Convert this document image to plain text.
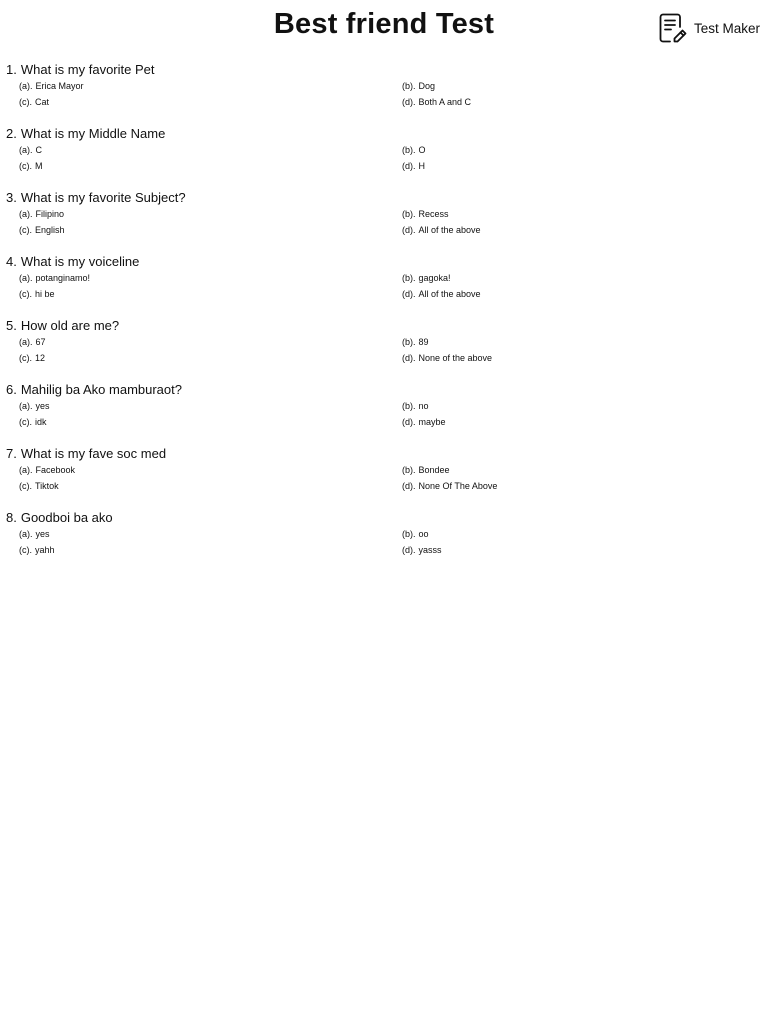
Best friend Test	Test Maker
1. What is my favorite Pet
(a). Erica Mayor	(b). Dog
(c). Cat	(d). Both A and C
2. What is my Middle Name
(a). C	(b). O
(c). M	(d). H
3. What is my favorite Subject?
(a). Filipino	(b). Recess
(c). English	(d). All of the above
4. What is my voiceline
(a). potanginamo!	(b). gagoka!
(c). hi be	(d). All of the above
5. How old are me?
(a). 67	(b). 89
(c). 12	(d). None of the above
6. Mahilig ba Ako mamburaot?
(a). yes	(b). no
(c). idk	(d). maybe
7. What is my fave soc med
(a). Facebook	(b). Bondee
(c). Tiktok	(d). None Of The Above
8. Goodboi ba ako
(a). yes	(b). oo
(c). yahh	(d). yasss
